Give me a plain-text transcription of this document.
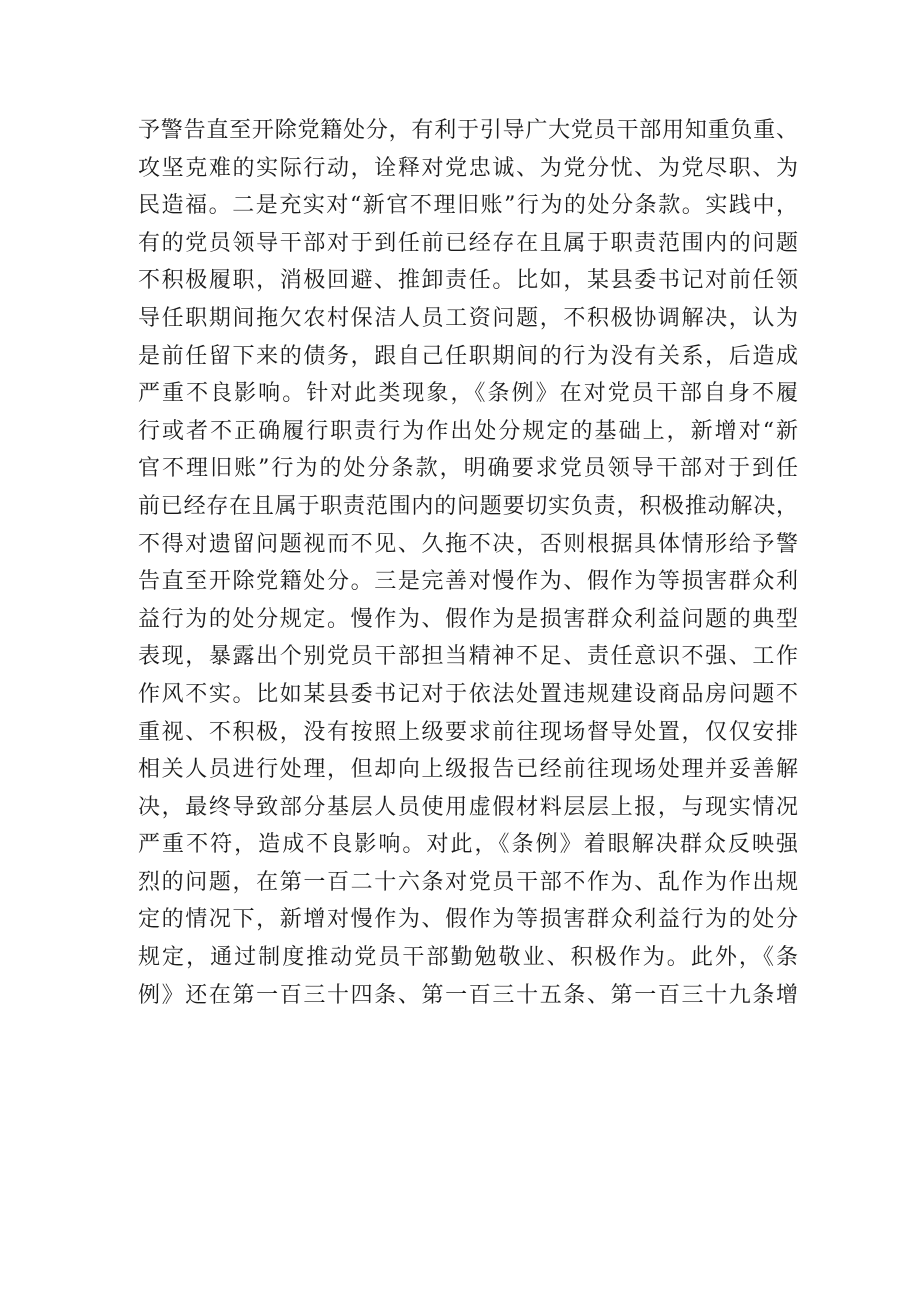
予警告直至开除党籍处分，有利于引导广大党员干部用知重负重、
攻坚克难的实际行动，诠释对党忠诚、为党分忧、为党尽职、为
民造福。二是充实对“新官不理旧账”行为的处分条款。实践中，
有的党员领导干部对于到任前已经存在且属于职责范围内的问题
不积极履职，消极回避、推卸责任。比如，某县委书记对前任领
导任职期间拖欠农村保洁人员工资问题，不积极协调解决，认为
是前任留下来的债务，跟自己任职期间的行为没有关系，后造成
严重不良影响。针对此类现象，《条例》在对党员干部自身不履
行或者不正确履行职责行为作出处分规定的基础上，新增对“新
官不理旧账”行为的处分条款，明确要求党员领导干部对于到任
前已经存在且属于职责范围内的问题要切实负责，积极推动解决，
不得对遗留问题视而不见、久拖不决，否则根据具体情形给予警
告直至开除党籍处分。三是完善对慢作为、假作为等损害群众利
益行为的处分规定。慢作为、假作为是损害群众利益问题的典型
表现，暴露出个别党员干部担当精神不足、责任意识不强、工作
作风不实。比如某县委书记对于依法处置违规建设商品房问题不
重视、不积极，没有按照上级要求前往现场督导处置，仅仅安排
相关人员进行处理，但却向上级报告已经前往现场处理并妥善解
决，最终导致部分基层人员使用虚假材料层层上报，与现实情况
严重不符，造成不良影响。对此，《条例》着眼解决群众反映强
烈的问题，在第一百二十六条对党员干部不作为、乱作为作出规
定的情况下，新增对慢作为、假作为等损害群众利益行为的处分
规定，通过制度推动党员干部勤勉敬业、积极作为。此外，《条
例》还在第一百三十四条、第一百三十五条、第一百三十九条增
